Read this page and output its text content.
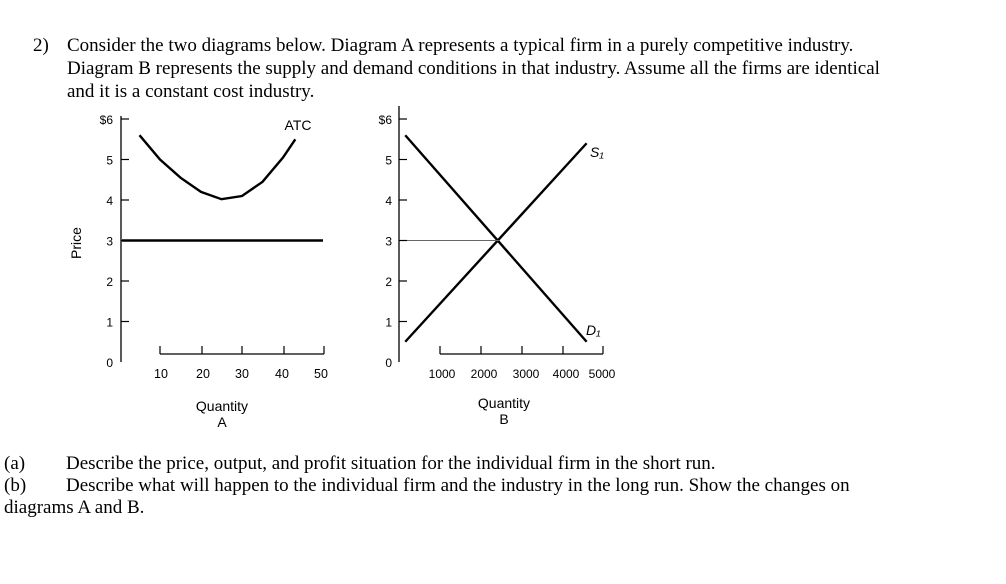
2) Consider the two diagrams below. Diagram A represents a typical firm in a purely competitive industry.
Diagram B represents the supply and demand conditions in that industry. Assume all the firms are identical
and it is a constant cost industry.
0
1
2
3
4
5
$6
10 20 30 40 50
Price
Quantity
A
ATC
0
1
2
3
4
5
$6
1000 2000 3000 4000 5000
Quantity
B
S₁
D₁
(a) Describe the price, output, and profit situation for the individual firm in the short run.
(b) Describe what will happen to the individual firm and the industry in the long run. Show the changes on
diagrams A and B.
